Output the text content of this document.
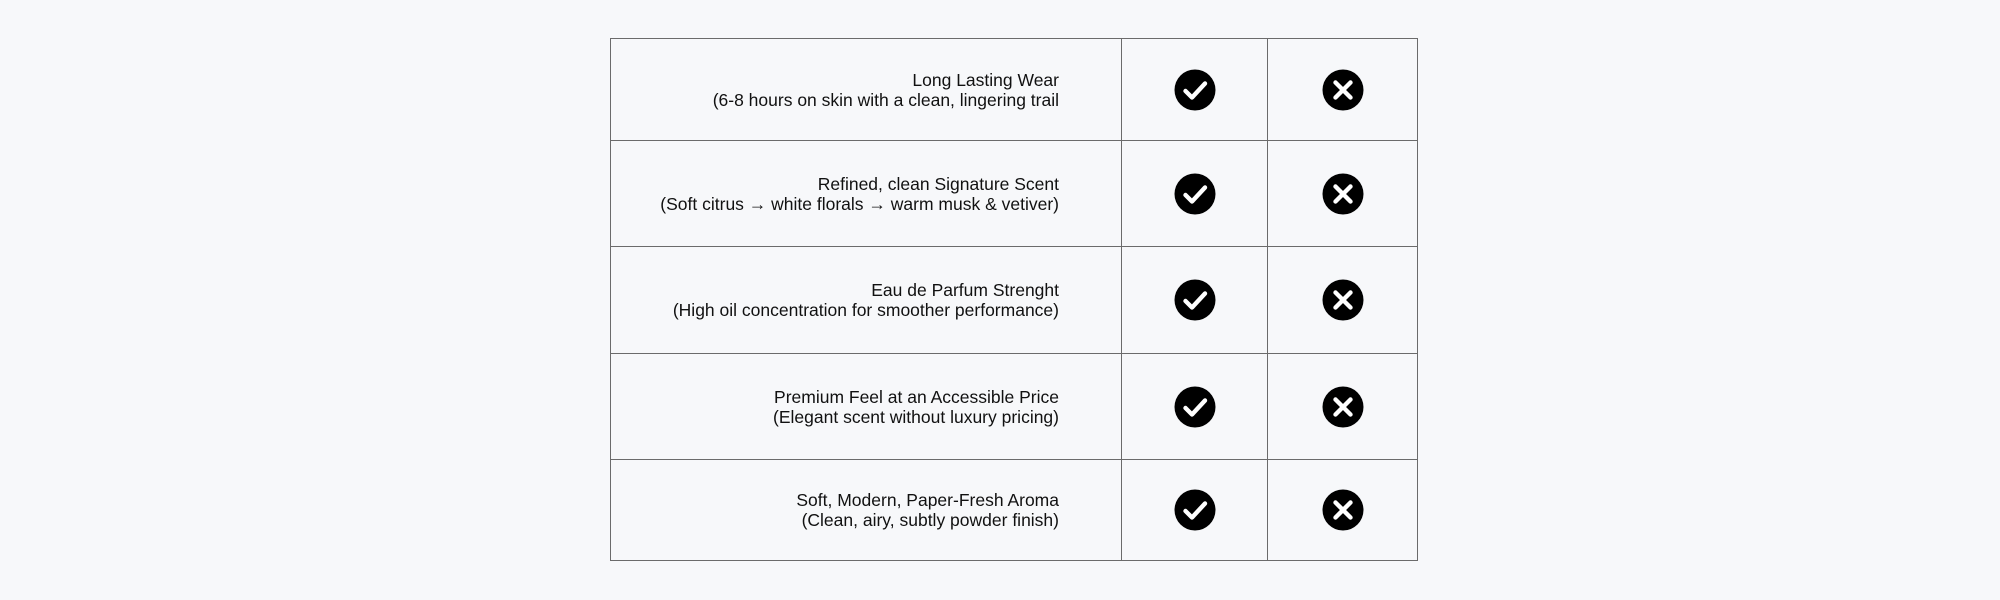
Long Lasting Wear
(6-8 hours on skin with a clean, lingering trail
Refined, clean Signature Scent
(Soft citrus → white florals → warm musk & vetiver)
Eau de Parfum Strenght
(High oil concentration for smoother performance)
Premium Feel at an Accessible Price
(Elegant scent without luxury pricing)
Soft, Modern, Paper-Fresh Aroma
(Clean, airy, subtly powder finish)
